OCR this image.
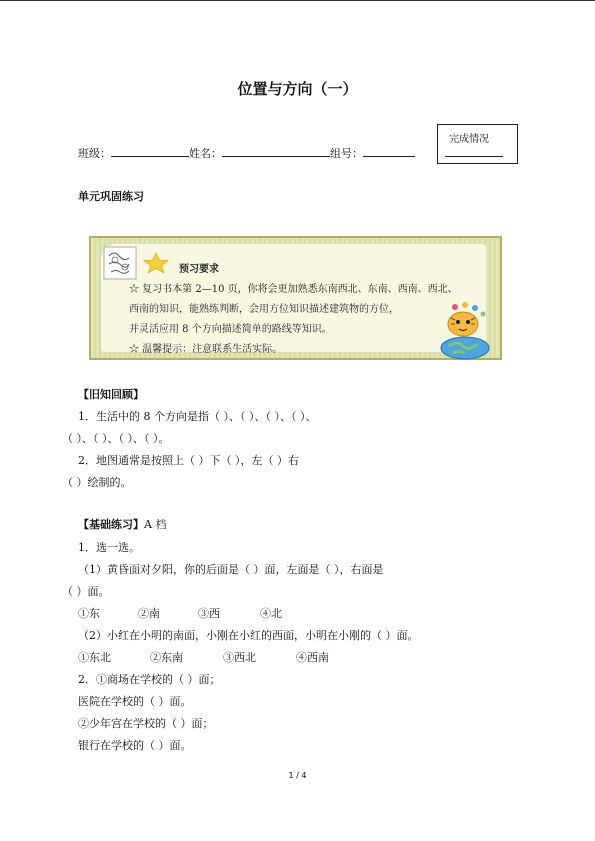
位置与方向（一）
班级：	姓名：	组号：
完成情况
单元巩固练习
预习要求
☆ 复习书本第 2—10 页，你将会更加熟悉东南西北、东南、西南、西北、
西南的知识，能熟练判断，会用方位知识描述建筑物的方位，
并灵活应用 8 个方向描述简单的路线等知识。
☆ 温馨提示：注意联系生活实际。
【旧知回顾】
1．生活中的 8 个方向是指（ ）、（ ）、（ ）、（ ）、
（ ）、（ ）、（ ）、（ ）。
2．地图通常是按照上（ ）下（ ），左（ ）右
（ ）绘制的。
【基础练习】A 档
1．选一选。
（1）黄昏面对夕阳，你的后面是（ ）面，左面是（ ），右面是
（ ）面。
①东	②南	③西	④北
（2）小红在小明的南面，小刚在小红的西面，小明在小刚的（ ）面。
①东北	②东南	③西北	④西南
2．①商场在学校的（ ）面；
医院在学校的（ ）面。
②少年宫在学校的（ ）面；
银行在学校的（ ）面。
1 / 4
